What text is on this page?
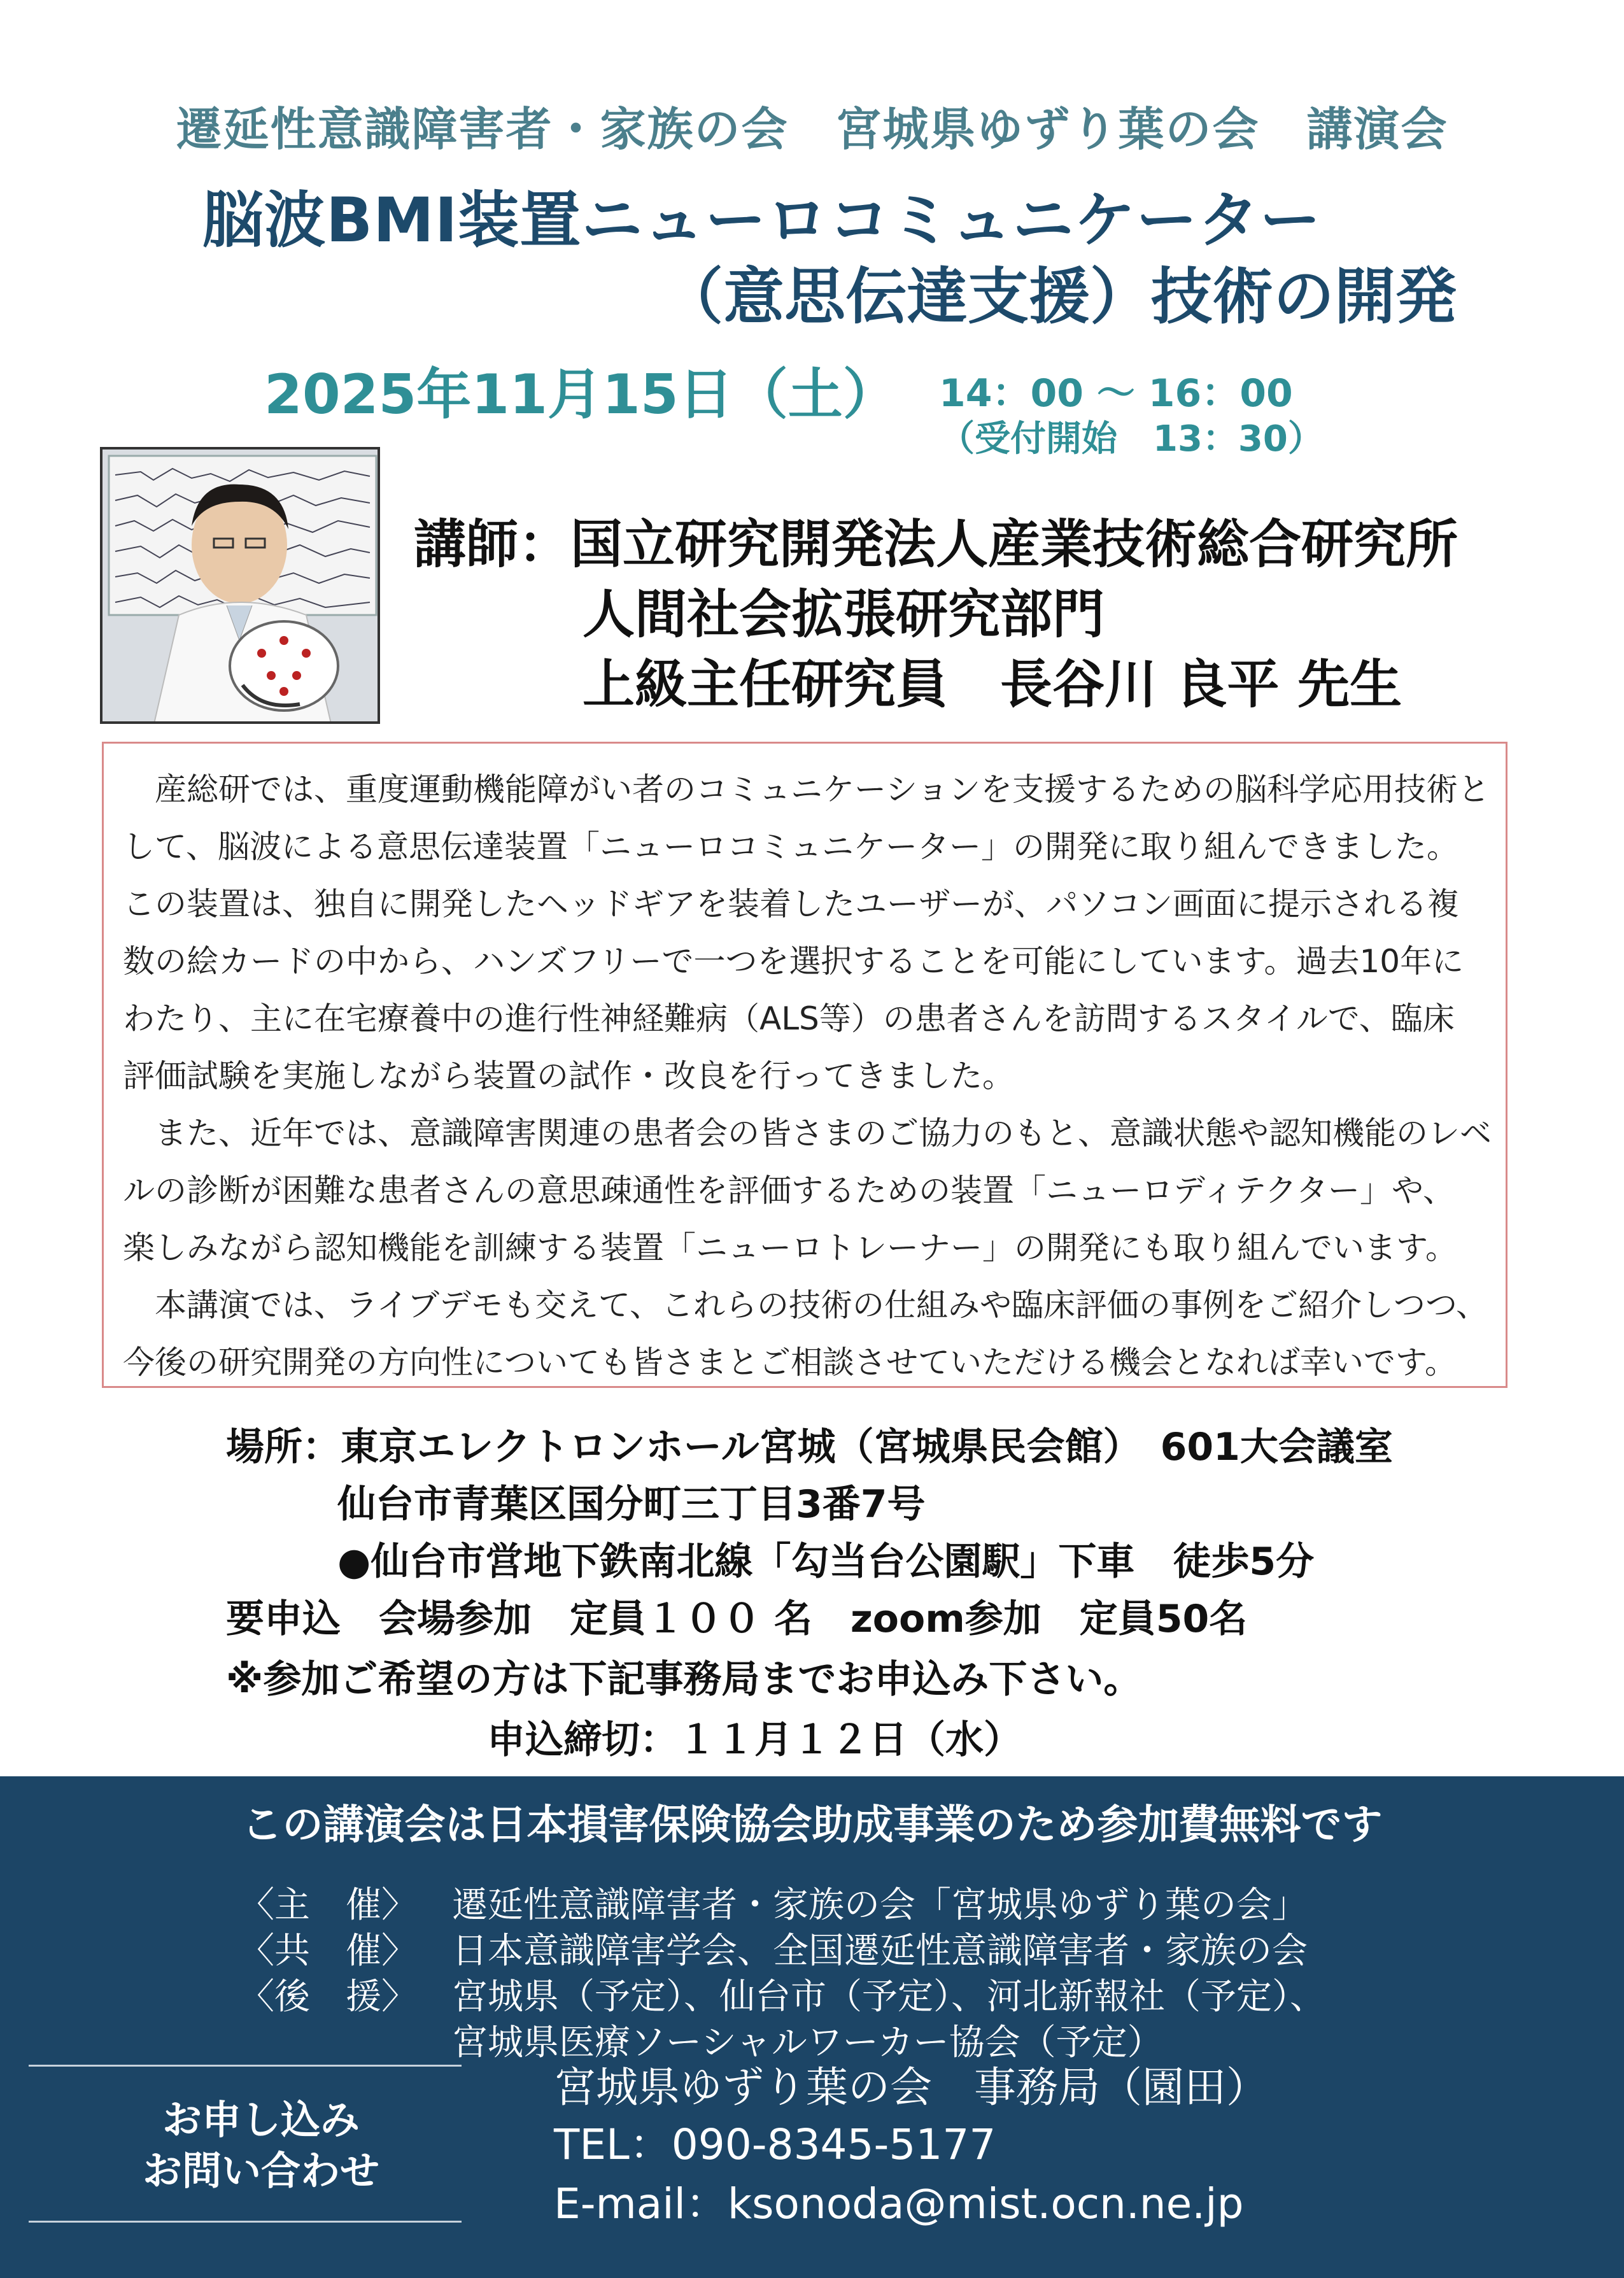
遷延性意識障害者・家族の会　宮城県ゆずり葉の会　講演会
脳波BMI装置ニューロコミュニケーター
（意思伝達支援）技術の開発
2025年11月15日（土） 14：00 ～ 16：00
（受付開始　13：30）
講師：国立研究開発法人産業技術総合研究所
人間社会拡張研究部門
上級主任研究員　長谷川 良平 先生
　産総研では、重度運動機能障がい者のコミュニケーションを支援するための脳科学応用技術と
して、脳波による意思伝達装置「ニューロコミュニケーター」の開発に取り組んできました。
この装置は、独自に開発したヘッドギアを装着したユーザーが、パソコン画面に提示される複
数の絵カードの中から、ハンズフリーで一つを選択することを可能にしています。過去10年に
わたり、主に在宅療養中の進行性神経難病（ALS等）の患者さんを訪問するスタイルで、臨床
評価試験を実施しながら装置の試作・改良を行ってきました。
　また、近年では、意識障害関連の患者会の皆さまのご協力のもと、意識状態や認知機能のレベ
ルの診断が困難な患者さんの意思疎通性を評価するための装置「ニューロディテクター」や、
楽しみながら認知機能を訓練する装置「ニューロトレーナー」の開発にも取り組んでいます。
　本講演では、ライブデモも交えて、これらの技術の仕組みや臨床評価の事例をご紹介しつつ、
今後の研究開発の方向性についても皆さまとご相談させていただける機会となれば幸いです。
場所：東京エレクトロンホール宮城（宮城県民会館）　601大会議室
仙台市青葉区国分町三丁目3番7号
●仙台市営地下鉄南北線「勾当台公園駅」下車　徒歩5分
要申込　会場参加　定員１００ 名　zoom参加　定員50名
※参加ご希望の方は下記事務局までお申込み下さい。
申込締切：１１月１２日（水）
この講演会は日本損害保険協会助成事業のため参加費無料です
〈主　催〉 遷延性意識障害者・家族の会「宮城県ゆずり葉の会」
〈共　催〉 日本意識障害学会、全国遷延性意識障害者・家族の会
〈後　援〉 宮城県（予定）、仙台市（予定）、河北新報社（予定）、
宮城県医療ソーシャルワーカー協会（予定）
お申し込み
お問い合わせ
宮城県ゆずり葉の会　事務局（園田）
TEL：090-8345-5177
E-mail：ksonoda@mist.ocn.ne.jp
